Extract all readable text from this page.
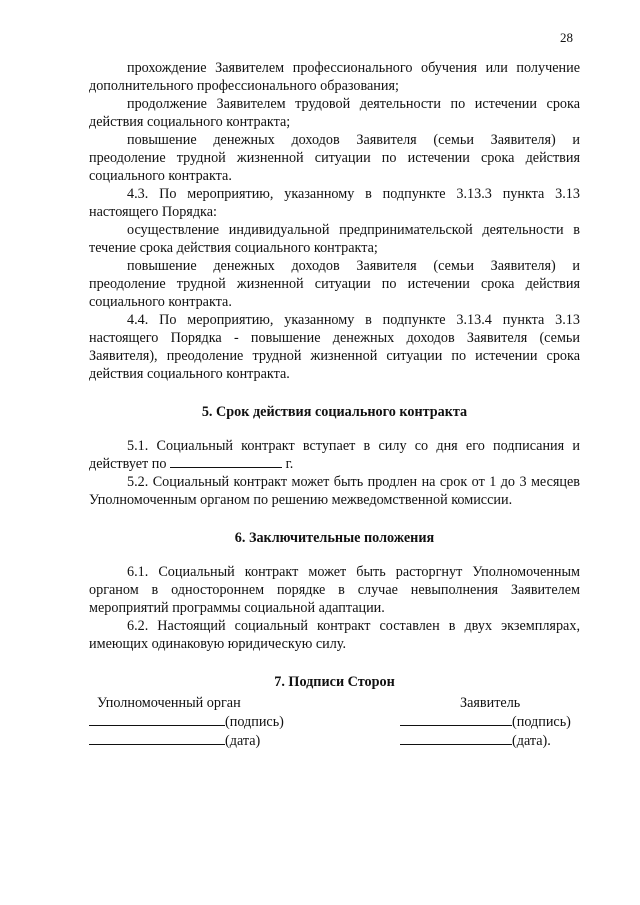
28

прохождение Заявителем профессионального обучения или получение дополнительного профессионального образования;

продолжение Заявителем трудовой деятельности по истечении срока действия социального контракта;

повышение денежных доходов Заявителя (семьи Заявителя) и преодоление трудной жизненной ситуации по истечении срока действия социального контракта.

4.3. По мероприятию, указанному в подпункте 3.13.3 пункта 3.13 настоящего Порядка:

осуществление индивидуальной предпринимательской деятельности в течение срока действия социального контракта;

повышение денежных доходов Заявителя (семьи Заявителя) и преодоление трудной жизненной ситуации по истечении срока действия социального контракта.

4.4. По мероприятию, указанному в подпункте 3.13.4 пункта 3.13 настоящего Порядка - повышение денежных доходов Заявителя (семьи Заявителя), преодоление трудной жизненной ситуации по истечении срока действия социального контракта.

5. Срок действия социального контракта

5.1. Социальный контракт вступает в силу со дня его подписания и действует по	г.

5.2. Социальный контракт может быть продлен на срок от 1 до 3 месяцев Уполномоченным органом по решению межведомственной комиссии.

6. Заключительные положения

6.1. Социальный контракт может быть расторгнут Уполномоченным органом в одностороннем порядке в случае невыполнения Заявителем мероприятий программы социальной адаптации.

6.2. Настоящий социальный контракт составлен в двух экземплярах, имеющих одинаковую юридическую силу.

7. Подписи Сторон

Уполномоченный орган
(подпись)
(дата)
Заявитель
(подпись)
(дата).
